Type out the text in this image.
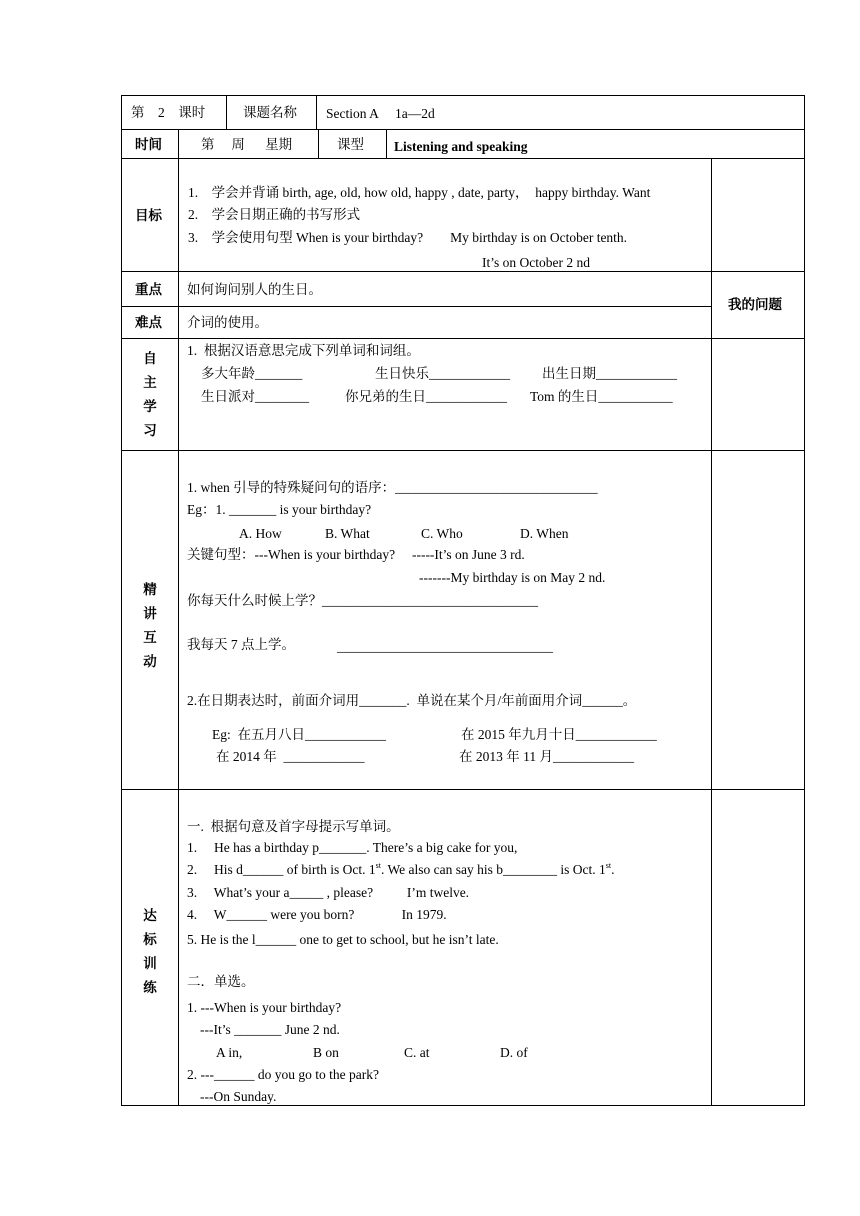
第    2    课时	课题名称 Section A     1a—2d
时间	第     周      星期	课型 Listening and speaking
目标
1.    学会并背诵 birth, age, old, how old, happy , date, party，  happy birthday. Want
2.    学会日期正确的书写形式
3.    学会使用句型 When is your birthday?        My birthday is on October tenth.
It’s on October 2 nd
重点 如何询问别人的生日。
难点 介词的使用。
我的问题
自主学习
1.  根据汉语意思完成下列单词和词组。
多大年龄_______	生日快乐____________ 出生日期____________
生日派对________	你兄弟的生日____________ Tom 的生日___________
精讲互动
1. when 引导的特殊疑问句的语序：______________________________
Eg：1. _______ is your birthday?
A. How	B. What	C. Who	D. When
关键句型：---When is your birthday?     -----It’s on June 3 rd.
-------My birthday is on May 2 nd.
你每天什么时候上学？________________________________
我每天 7 点上学。	________________________________
2.在日期表达时，前面介词用_______.  单说在某个月/年前面用介词______。
Eg:  在五月八日____________	在 2015 年九月十日____________
在 2014 年  ____________	在 2013 年 11 月____________
达标训练
一.  根据句意及首字母提示写单词。
1.     He has a birthday p_______. There’s a big cake for you,
2.     His d______ of birth is Oct. 1st. We also can say his b________ is Oct. 1st.
3.     What’s your a_____ , please?          I’m twelve.
4.     W______ were you born?              In 1979.
5. He is the l______ one to get to school, but he isn’t late.
二．单选。
1. ---When is your birthday?
---It’s _______ June 2 nd.
A in,	B on	C. at	D. of
2. ---______ do you go to the park?
---On Sunday.
